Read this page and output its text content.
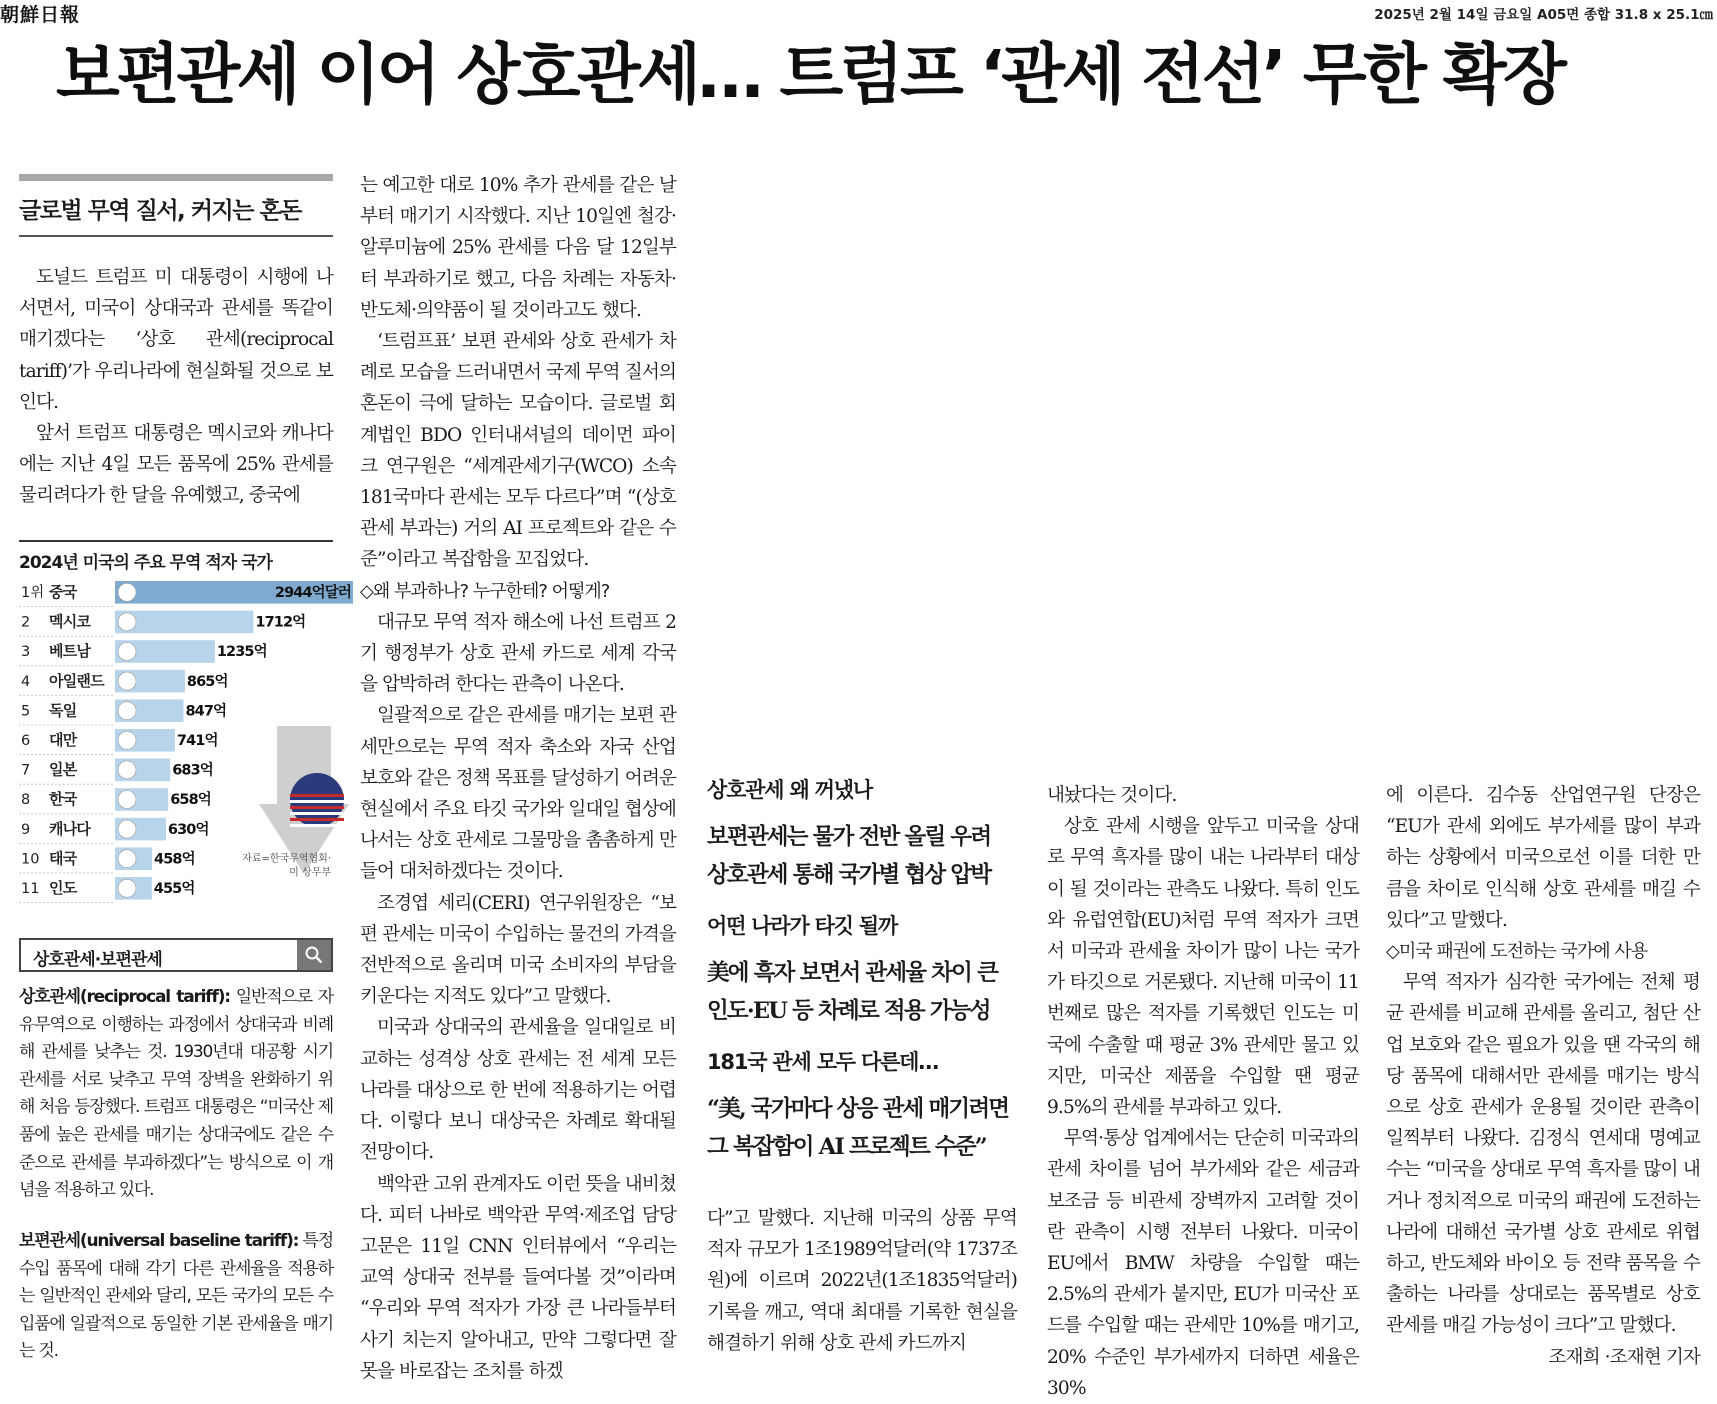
朝鮮日報	2025년 2월 14일 금요일 A05면 종합 31.8 x 25.1㎝
보편관세 이어 상호관세… 트럼프 ‘관세 전선’ 무한 확장
글로벌 무역 질서, 커지는 혼돈

도널드 트럼프 미 대통령이 시행에 나서면서, 미국이 상대국과 관세를 똑같이 매기겠다는 ‘상호 관세(reciprocal tariff)’가 우리나라에 현실화될 것으로 보인다.

앞서 트럼프 대통령은 멕시코와 캐나다에는 지난 4일 모든 품목에 25% 관세를 물리려다가 한 달을 유예했고, 중국에

2024년 미국의 주요 무역 적자 국가
1위 중국	2944억달러
2 멕시코	1712억
3 베트남	1235억
4 아일랜드	865억
5 독일	847억
6 대만	741억
7 일본	683억
8 한국	658억
9 캐나다	630억
10 태국	458억
11 인도	455억
자료=한국무역협회·
미 상무부
상호관세·보편관세
상호관세(reciprocal tariff): 일반적으로 자유무역으로 이행하는 과정에서 상대국과 비례해 관세를 낮추는 것. 1930년대 대공황 시기 관세를 서로 낮추고 무역 장벽을 완화하기 위해 처음 등장했다. 트럼프 대통령은 “미국산 제품에 높은 관세를 매기는 상대국에도 같은 수준으로 관세를 부과하겠다”는 방식으로 이 개념을 적용하고 있다.
보편관세(universal baseline tariff): 특정 수입 품목에 대해 각기 다른 관세율을 적용하는 일반적인 관세와 달리, 모든 국가의 모든 수입품에 일괄적으로 동일한 기본 관세율을 매기는 것.

는 예고한 대로 10% 추가 관세를 같은 날부터 매기기 시작했다. 지난 10일엔 철강·알루미늄에 25% 관세를 다음 달 12일부터 부과하기로 했고, 다음 차례는 자동차·반도체·의약품이 될 것이라고도 했다.

‘트럼프표’ 보편 관세와 상호 관세가 차례로 모습을 드러내면서 국제 무역 질서의 혼돈이 극에 달하는 모습이다. 글로벌 회계법인 BDO 인터내셔널의 데이먼 파이크 연구원은 “세계관세기구(WCO) 소속 181국마다 관세는 모두 다르다”며 “(상호 관세 부과는) 거의 AI 프로젝트와 같은 수준”이라고 복잡함을 꼬집었다.

◇왜 부과하나? 누구한테? 어떻게?

대규모 무역 적자 해소에 나선 트럼프 2기 행정부가 상호 관세 카드로 세계 각국을 압박하려 한다는 관측이 나온다.

일괄적으로 같은 관세를 매기는 보편 관세만으로는 무역 적자 축소와 자국 산업 보호와 같은 정책 목표를 달성하기 어려운 현실에서 주요 타깃 국가와 일대일 협상에 나서는 상호 관세로 그물망을 촘촘하게 만들어 대처하겠다는 것이다.

조경엽 세리(CERI) 연구위원장은 “보편 관세는 미국이 수입하는 물건의 가격을 전반적으로 올리며 미국 소비자의 부담을 키운다는 지적도 있다”고 말했다.

미국과 상대국의 관세율을 일대일로 비교하는 성격상 상호 관세는 전 세계 모든 나라를 대상으로 한 번에 적용하기는 어렵다. 이렇다 보니 대상국은 차례로 확대될 전망이다.

백악관 고위 관계자도 이런 뜻을 내비쳤다. 피터 나바로 백악관 무역·제조업 담당 고문은 11일 CNN 인터뷰에서 “우리는 교역 상대국 전부를 들여다볼 것”이라며 “우리와 무역 적자가 가장 큰 나라들부터 사기 치는지 알아내고, 만약 그렇다면 잘못을 바로잡는 조치를 하겠

상호관세 왜 꺼냈나
보편관세는 물가 전반 올릴 우려
상호관세 통해 국가별 협상 압박
어떤 나라가 타깃 될까
美에 흑자 보면서 관세율 차이 큰
인도·EU 등 차례로 적용 가능성
181국 관세 모두 다른데…
“美, 국가마다 상응 관세 매기려면
그 복잡함이 AI 프로젝트 수준”

다”고 말했다. 지난해 미국의 상품 무역 적자 규모가 1조1989억달러(약 1737조원)에 이르며 2022년(1조1835억달러) 기록을 깨고, 역대 최대를 기록한 현실을 해결하기 위해 상호 관세 카드까지

내놨다는 것이다.

상호 관세 시행을 앞두고 미국을 상대로 무역 흑자를 많이 내는 나라부터 대상이 될 것이라는 관측도 나왔다. 특히 인도와 유럽연합(EU)처럼 무역 적자가 크면서 미국과 관세율 차이가 많이 나는 국가가 타깃으로 거론됐다. 지난해 미국이 11번째로 많은 적자를 기록했던 인도는 미국에 수출할 때 평균 3% 관세만 물고 있지만, 미국산 제품을 수입할 땐 평균 9.5%의 관세를 부과하고 있다.

무역·통상 업계에서는 단순히 미국과의 관세 차이를 넘어 부가세와 같은 세금과 보조금 등 비관세 장벽까지 고려할 것이란 관측이 시행 전부터 나왔다. 미국이 EU에서 BMW 차량을 수입할 때는 2.5%의 관세가 붙지만, EU가 미국산 포드를 수입할 때는 관세만 10%를 매기고, 20% 수준인 부가세까지 더하면 세율은 30%

에 이른다. 김수동 산업연구원 단장은 “EU가 관세 외에도 부가세를 많이 부과하는 상황에서 미국으로선 이를 더한 만큼을 차이로 인식해 상호 관세를 매길 수 있다”고 말했다.

◇미국 패권에 도전하는 국가에 사용

무역 적자가 심각한 국가에는 전체 평균 관세를 비교해 관세를 올리고, 첨단 산업 보호와 같은 필요가 있을 땐 각국의 해당 품목에 대해서만 관세를 매기는 방식으로 상호 관세가 운용될 것이란 관측이 일찍부터 나왔다. 김정식 연세대 명예교수는 “미국을 상대로 무역 흑자를 많이 내거나 정치적으로 미국의 패권에 도전하는 나라에 대해선 국가별 상호 관세로 위협하고, 반도체와 바이오 등 전략 품목을 수출하는 나라를 상대로는 품목별로 상호 관세를 매길 가능성이 크다”고 말했다.

조재희 ·조재현 기자
